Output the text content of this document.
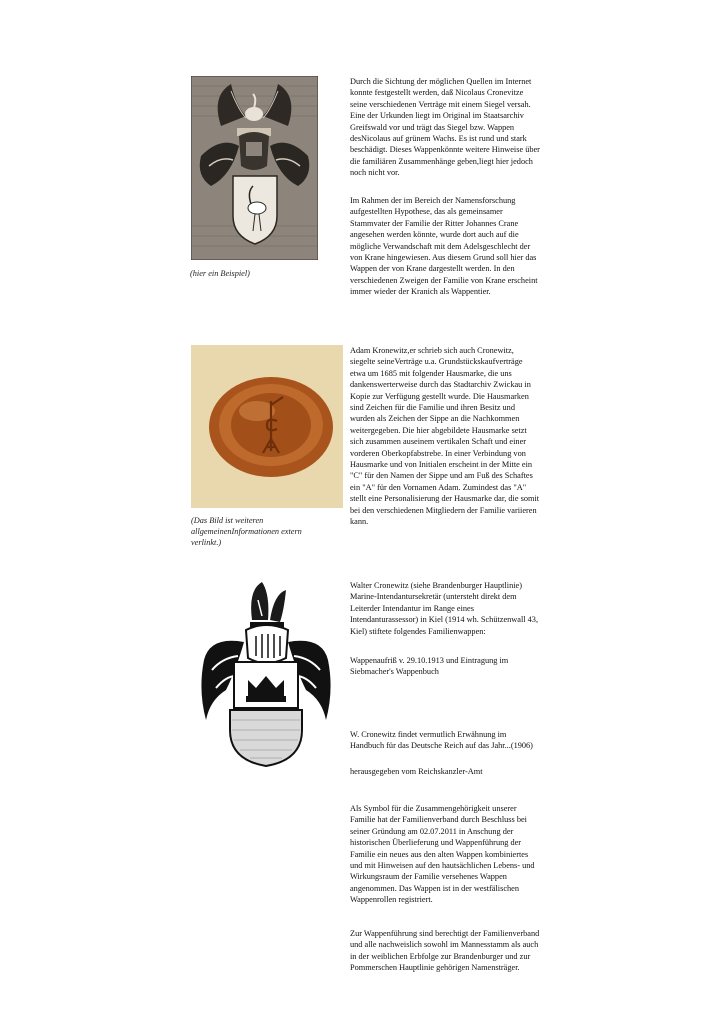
(hier ein Beispiel)

Durch die Sichtung der möglichen Quellen im Internet konnte festgestellt werden, daß Nicolaus Cronevitze seine verschiedenen Verträge mit einem Siegel versah. Eine der Urkunden liegt im Original im Staatsarchiv Greifswald vor und trägt das Siegel bzw. Wappen desNicolaus auf grünem Wachs. Es ist rund und stark beschädigt. Dieses Wappenkönnte weitere Hinweise über die familiären Zusammenhänge geben,liegt hier jedoch noch nicht vor.

Im Rahmen der im Bereich der Namensforschung aufgestellten Hypothese, das als gemeinsamer Stammvater der Familie der Ritter Johannes Crane angesehen werden könnte, wurde dort auch auf die mögliche Verwandschaft mit dem Adelsgeschlecht der von Krane hingewiesen. Aus diesem Grund soll hier das Wappen der von Krane dargestellt werden. In den verschiedenen Zweigen der Familie von Krane erscheint immer wieder der Kranich als Wappentier.

(Das Bild ist weiteren allgemeinenInformationen extern verlinkt.)

Adam Kronewitz,er schrieb sich auch Cronewitz, siegelte seineVerträge u.a. Grundstückskaufverträge etwa um 1685 mit folgender Hausmarke, die uns dankenswerterweise durch das Stadtarchiv Zwickau in Kopie zur Verfügung gestellt wurde. Die Hausmarken sind Zeichen für die Familie und ihren Besitz und wurden als Zeichen der Sippe an die Nachkommen weitergegeben. Die hier abgebildete Hausmarke setzt sich zusammen auseinem vertikalen Schaft und einer vorderen Oberkopfabstrebe. In einer Verbindung von Hausmarke und von Initialen erscheint in der Mitte ein "C" für den Namen der Sippe und am Fuß des Schaftes ein "A" für den Vornamen Adam. Zumindest das "A" stellt eine Personalisierung der Hausmarke dar, die somit bei den verschiedenen Mitgliedern der Familie variieren kann.

Walter Cronewitz (siehe Brandenburger Hauptlinie) Marine-Intendantursekretär (untersteht direkt dem Leiterder Intendantur im Range eines Intendanturassessor) in Kiel (1914 wh. Schützenwall 43, Kiel) stiftete folgendes Familienwappen:

Wappenaufriß v. 29.10.1913 und Eintragung im Siebmacher's Wappenbuch

W. Cronewitz findet vermutlich Erwähnung im Handbuch für das Deutsche Reich auf das Jahr...(1906)

herausgegeben vom Reichskanzler-Amt

Als Symbol für die Zusammengehörigkeit unserer Familie hat der Familienverband durch Beschluss bei seiner Gründung am 02.07.2011 in Anschung der historischen Überlieferung und Wappenführung der Familie ein neues aus den alten Wappen kombiniertes und mit Hinweisen auf den hautsächlichen Lebens- und Wirkungsraum der Familie versehenes Wappen angenommen. Das Wappen ist in der westfälischen Wappenrollen registriert.

Zur Wappenführung sind berechtigt der Familienverband und alle nachweislich sowohl im Mannesstamm als auch in der weiblichen Erbfolge zur Brandenburger und zur Pommerschen Hauptlinie gehörigen Namensträger.
